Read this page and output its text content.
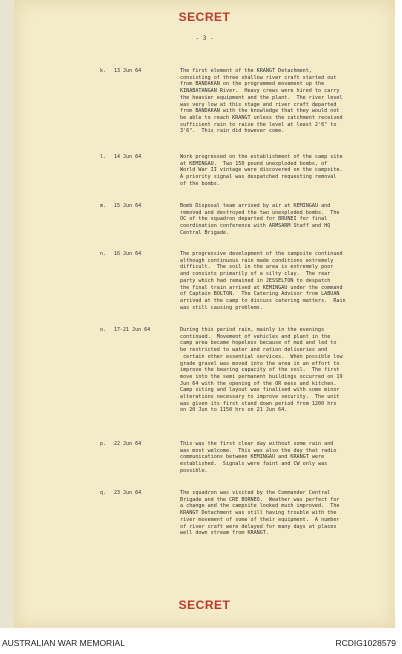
SECRET
- 3 -
k. 13 Jun 64	The first element of the KRANGT Detachment,
consisting of three shallow river craft started out
from BANDAKAN on the programmed movement up the
KINABATANGAN River.  Heavy crews were hired to carry
the heavier equipment and the plant.  The river level
was very low at this stage and river craft departed
from BANDAKAN with the knowledge that they would not
be able to reach KRANGT unless the catchment received
sufficient rain to raise the level at least 2'6" to
3'6".  This rain did however come.
l. 14 Jun 64	Work progressed on the establishment of the camp site
at KEMINGAU.  Two 150 pound unexploded bombs, of
World War II vintage were discovered on the campsite.
A priority signal was despatched requesting removal
of the bombs.
m. 15 Jun 64	Bomb Disposal team arrived by air at KEMINGAU and
removed and destroyed the two unexploded bombs.  The
OC of the squadron departed for BRUNEI for final
coordination conference with ARMSARM Staff and HQ
Central Brigade.
n. 16 Jun 64	The progressive development of the campsite continued
although continuous rain made conditions extremely
difficult.  The soil in the area is extremely poor
and consists primarily of a silty clay.  The rear
party which had remained in JESSELTON to despatch
the final train arrived at KEMINGAU under the command
of Captain BOLTON.  The Catering Advisor from LABUAN
arrived at the camp to discuss catering matters.  Rain
was still causing problems.
o. 17-21 Jun 64	During this period rain, mainly in the evenings
continued.  Movement of vehicles and plant in the
camp area became hopeless because of mud and led to
be restricted to water and ration deliveries and
certain other essential services.  When possible low
grade gravel was moved into the area in an effort to
improve the bearing capacity of the soil.  The first
move into the semi permanent buildings occurred on 19
Jun 64 with the opening of the OR mess and kitchen.
Camp siting and layout was finalised with some minor
alterations necessary to improve security.  The unit
was given its first stand down period from 1200 hrs
on 20 Jun to 1150 hrs on 21 Jun 64.
p. 22 Jun 64	This was the first clear day without some rain and
was most welcome.  This was also the day that radio
communications between KEMINGAU and KRANGT were
established.  Signals were faint and CW only was
possible.
q. 23 Jun 64	The squadron was visited by the Commander Central
Brigade and the CRE BORNEO.  Weather was perfect for
a change and the campsite looked much improved.  The
KRANGT Detachment was still having trouble with the
river movement of some of their equipment.  A number
of river craft were delayed for many days at places
well down stream from KRANGT.
SECRET
AUSTRALIAN WAR MEMORIAL	RCDIG1028579
